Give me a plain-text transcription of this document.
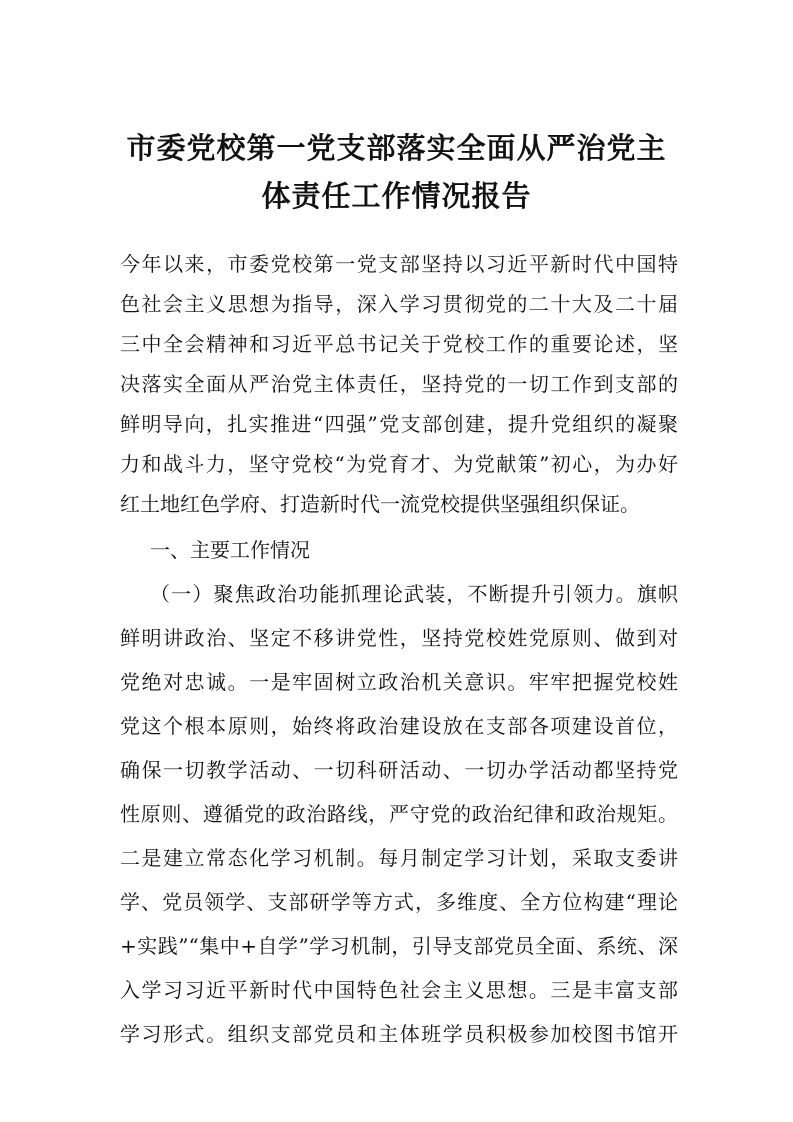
市委党校第一党支部落实全面从严治党主
体责任工作情况报告
今年以来，市委党校第一党支部坚持以习近平新时代中国特
色社会主义思想为指导，深入学习贯彻党的二十大及二十届
三中全会精神和习近平总书记关于党校工作的重要论述，坚
决落实全面从严治党主体责任，坚持党的一切工作到支部的
鲜明导向，扎实推进“四强”党支部创建，提升党组织的凝聚
力和战斗力，坚守党校“为党育才、为党献策”初心，为办好
红土地红色学府、打造新时代一流党校提供坚强组织保证。
一、主要工作情况
（一）聚焦政治功能抓理论武装，不断提升引领力。旗帜
鲜明讲政治、坚定不移讲党性，坚持党校姓党原则、做到对
党绝对忠诚。一是牢固树立政治机关意识。牢牢把握党校姓
党这个根本原则，始终将政治建设放在支部各项建设首位，
确保一切教学活动、一切科研活动、一切办学活动都坚持党
性原则、遵循党的政治路线，严守党的政治纪律和政治规矩。
二是建立常态化学习机制。每月制定学习计划，采取支委讲
学、党员领学、支部研学等方式，多维度、全方位构建“理论
+实践”“集中+自学”学习机制，引导支部党员全面、系统、深
入学习习近平新时代中国特色社会主义思想。三是丰富支部
学习形式。组织支部党员和主体班学员积极参加校图书馆开
